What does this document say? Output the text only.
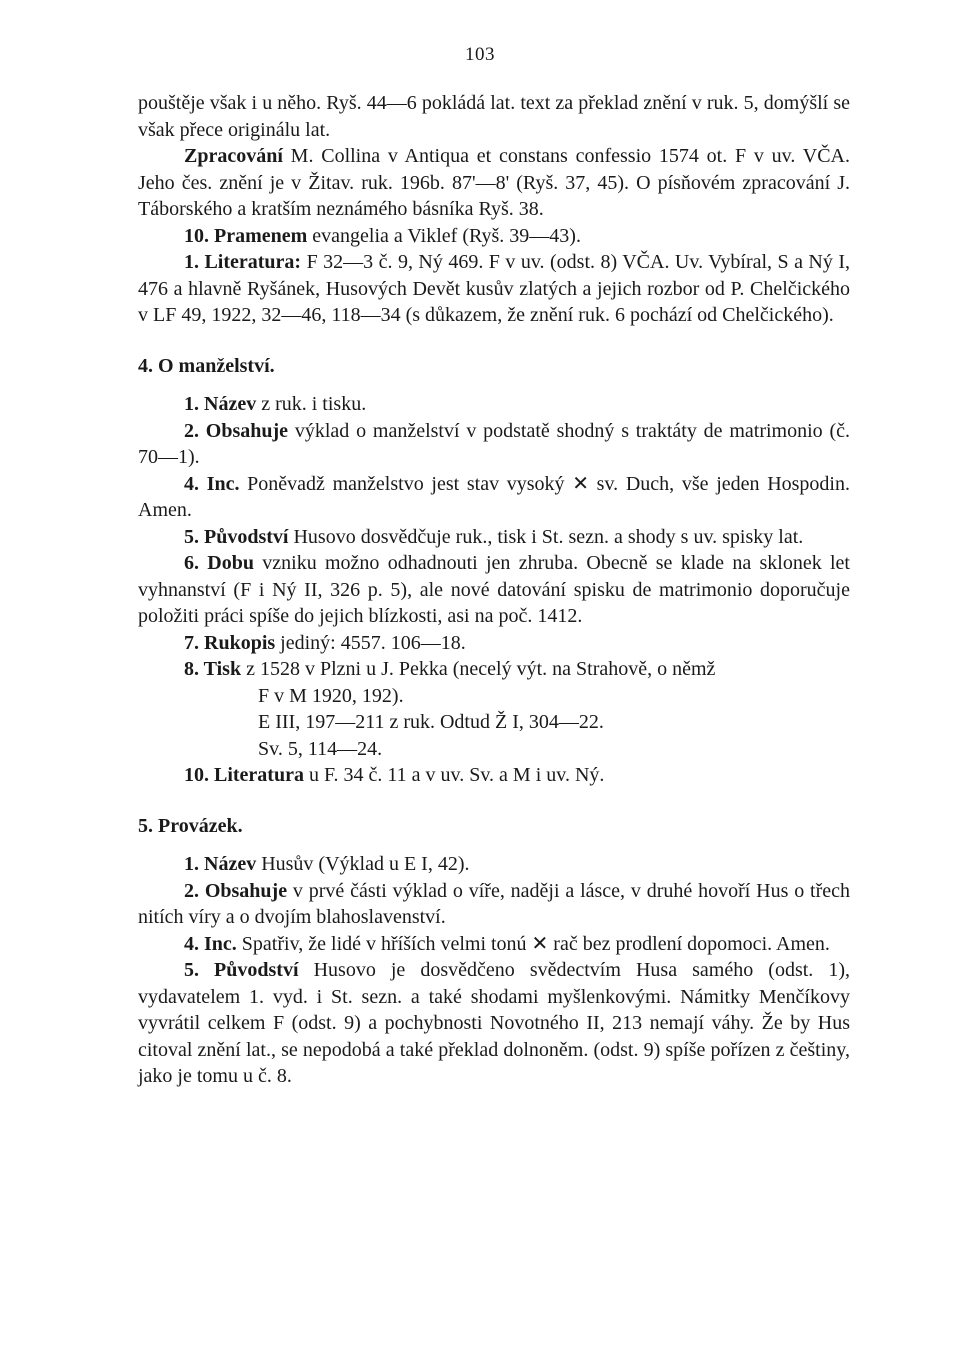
103

pouštěje však i u něho. Ryš. 44—6 pokládá lat. text za překlad znění v ruk. 5, domýšlí se však přece originálu lat.

Zpracování M. Collina v Antiqua et constans confessio 1574 ot. F v uv. VČA. Jeho čes. znění je v Žitav. ruk. 196b. 87'—8' (Ryš. 37, 45). O písňovém zpracování J. Táborského a kratším neznámého básníka Ryš. 38.

10. Pramenem evangelia a Viklef (Ryš. 39—43).

1. Literatura: F 32—3 č. 9, Ný 469. F v uv. (odst. 8) VČA. Uv. Vybíral, S a Ný I, 476 a hlavně Ryšánek, Husových Devět kusův zlatých a jejich rozbor od P. Chelčického v LF 49, 1922, 32—46, 118—34 (s důkazem, že znění ruk. 6 pochází od Chelčického).

4. O manželství.

1. Název z ruk. i tisku.

2. Obsahuje výklad o manželství v podstatě shodný s traktáty de matrimonio (č. 70—1).

4. Inc. Poněvadž manželstvo jest stav vysoký ✕ sv. Duch, vše jeden Hospodin. Amen.

5. Původství Husovo dosvědčuje ruk., tisk i St. sezn. a shody s uv. spisky lat.

6. Dobu vzniku možno odhadnouti jen zhruba. Obecně se klade na sklonek let vyhnanství (F i Ný II, 326 p. 5), ale nové datování spisku de matrimonio doporučuje položiti práci spíše do jejich blízkosti, asi na poč. 1412.

7. Rukopis jediný: 4557. 106—18.

8. Tisk z 1528 v Plzni u J. Pekka (necelý výt. na Strahově, o němž

F v M 1920, 192).

E III, 197—211 z ruk. Odtud Ž I, 304—22.

Sv. 5, 114—24.

10. Literatura u F. 34 č. 11 a v uv. Sv. a M i uv. Ný.

5. Provázek.

1. Název Husův (Výklad u E I, 42).

2. Obsahuje v prvé části výklad o víře, naději a lásce, v druhé hovoří Hus o třech nitích víry a o dvojím blahoslavenství.

4. Inc. Spatřiv, že lidé v hříších velmi tonú ✕ rač bez prodlení dopomoci. Amen.

5. Původství Husovo je dosvědčeno svědectvím Husa samého (odst. 1), vydavatelem 1. vyd. i St. sezn. a také shodami myšlenkovými. Námitky Menčíkovy vyvrátil celkem F (odst. 9) a pochybnosti Novotného II, 213 nemají váhy. Že by Hus citoval znění lat., se nepodobá a také překlad dolnoněm. (odst. 9) spíše pořízen z češtiny, jako je tomu u č. 8.
